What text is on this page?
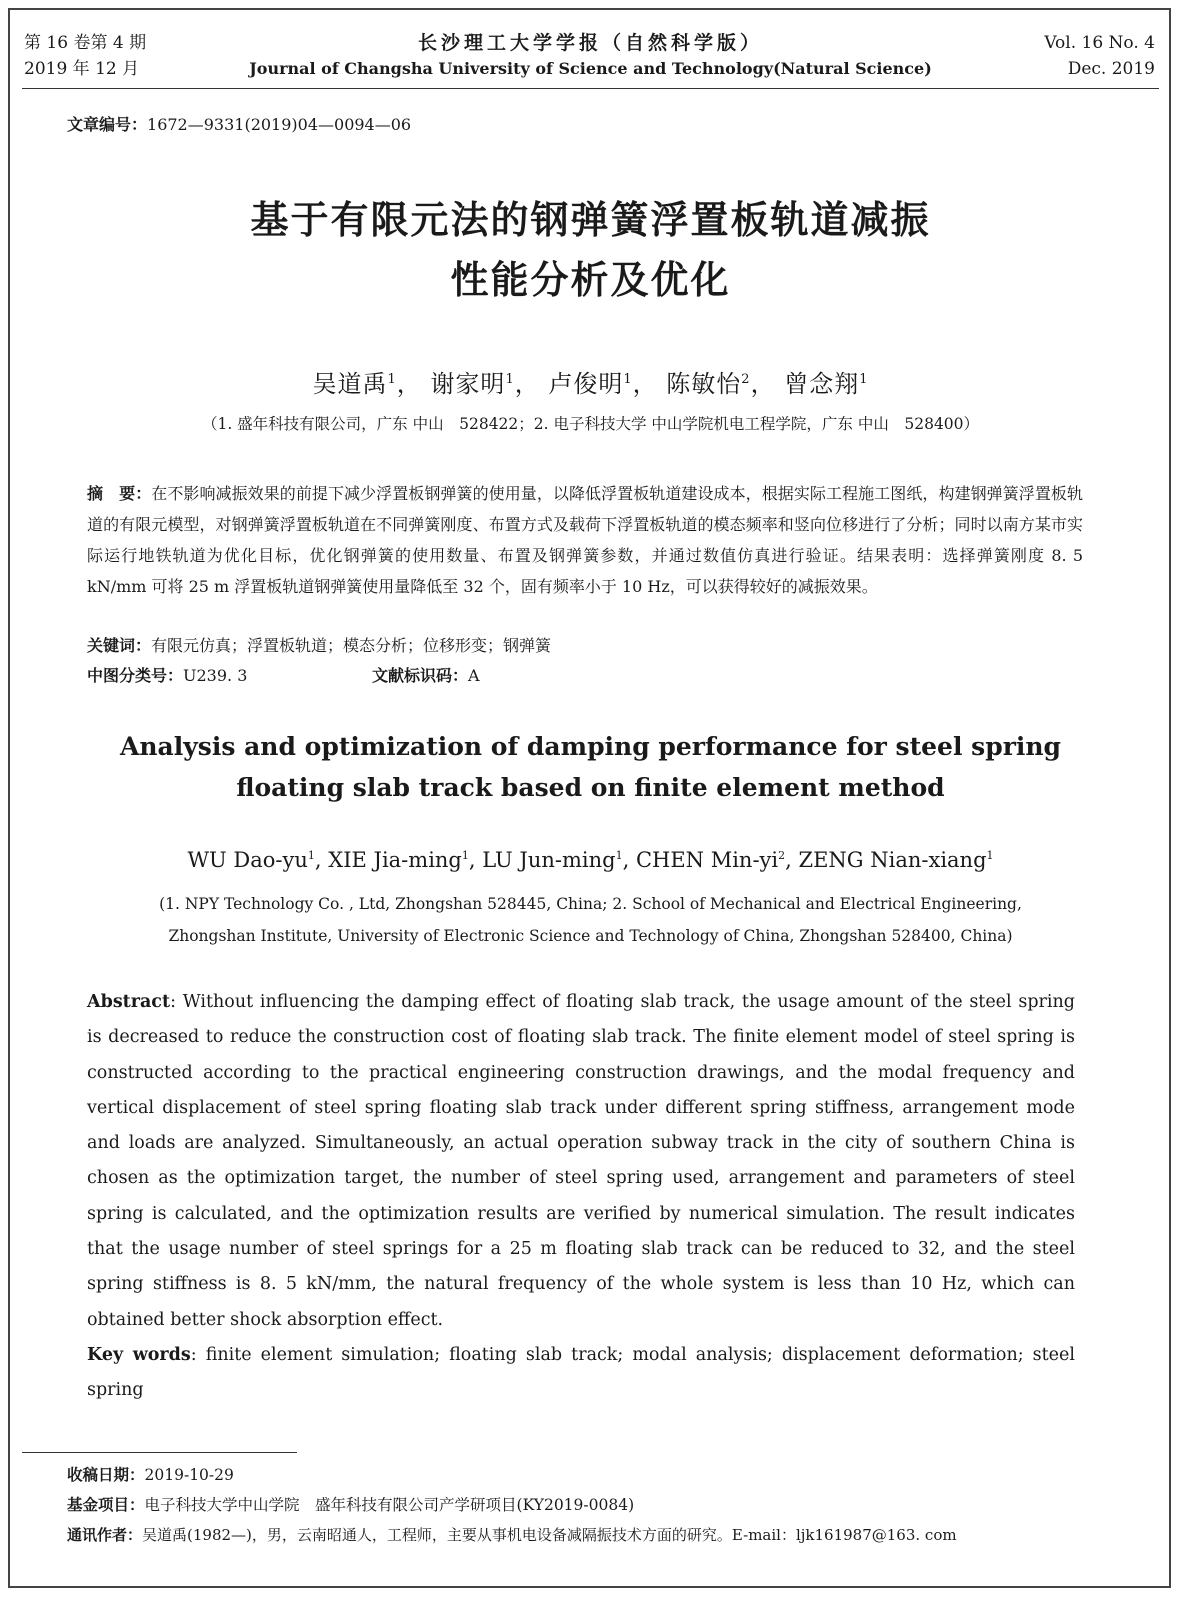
第 16 卷第 4 期
2019 年 12 月
长沙理工大学学报（自然科学版）
Journal of Changsha University of Science and Technology(Natural Science)
Vol. 16 No. 4
Dec. 2019
文章编号：1672—9331(2019)04—0094—06
基于有限元法的钢弹簧浮置板轨道减振
性能分析及优化
吴道禹$^1$， 谢家明$^1$， 卢俊明$^1$， 陈敏怡$^2$， 曾念翔$^1$
（1. 盛年科技有限公司，广东 中山　528422；2. 电子科技大学 中山学院机电工程学院，广东 中山　528400）
摘　要：在不影响减振效果的前提下减少浮置板钢弹簧的使用量，以降低浮置板轨道建设成本，根据实际工程施工图纸，构建钢弹簧浮置板轨道的有限元模型，对钢弹簧浮置板轨道在不同弹簧刚度、布置方式及载荷下浮置板轨道的模态频率和竖向位移进行了分析；同时以南方某市实际运行地铁轨道为优化目标，优化钢弹簧的使用数量、布置及钢弹簧参数，并通过数值仿真进行验证。结果表明：选择弹簧刚度 8. 5 kN/mm 可将 25 m 浮置板轨道钢弹簧使用量降低至 32 个，固有频率小于 10 Hz，可以获得较好的减振效果。
关键词：有限元仿真；浮置板轨道；模态分析；位移形变；钢弹簧
中图分类号：U239. 3	文献标识码：A
Analysis and optimization of damping performance for steel spring
floating slab track based on finite element method
WU Dao-$yu^1$, XIE Jia-ming$^1$, LU Jun-ming$^1$, CHEN Min-$yi^2$, ZENG Nian-xiang$^1$
(1. NPY Technology Co. , Ltd, Zhongshan 528445, China; 2. School of Mechanical and Electrical Engineering,
Zhongshan Institute, University of Electronic Science and Technology of China, Zhongshan 528400, China)
Abstract: Without influencing the damping effect of floating slab track, the usage amount of the steel spring is decreased to reduce the construction cost of floating slab track. The finite element model of steel spring is constructed according to the practical engineering construction drawings, and the modal frequency and vertical displacement of steel spring floating slab track under different spring stiffness, arrangement mode and loads are analyzed. Simultaneously, an actual operation subway track in the city of southern China is chosen as the optimization target, the number of steel spring used, arrangement and parameters of steel spring is calculated, and the optimization results are verified by numerical simulation. The result indicates that the usage number of steel springs for a 25 m floating slab track can be reduced to 32, and the steel spring stiffness is 8. 5 kN/mm, the natural frequency of the whole system is less than 10 Hz, which can obtained better shock absorption effect.
Key words: finite element simulation; floating slab track; modal analysis; displacement deformation; steel spring
收稿日期：2019-10-29
基金项目：电子科技大学中山学院　盛年科技有限公司产学研项目(KY2019-0084)
通讯作者：吴道禹(1982—)，男，云南昭通人，工程师，主要从事机电设备减隔振技术方面的研究。E-mail：ljk161987@163. com
